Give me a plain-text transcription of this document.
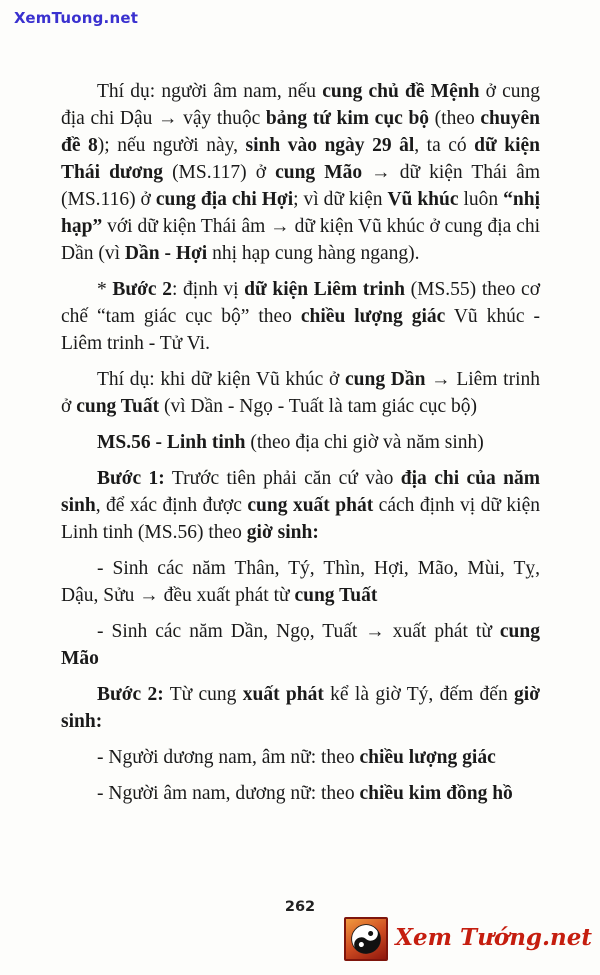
XemTuong.net

Thí dụ: người âm nam, nếu cung chủ đề Mệnh ở cung địa chi Dậu → vậy thuộc bảng tứ kim cục bộ (theo chuyên đề 8); nếu người này, sinh vào ngày 29 âl, ta có dữ kiện Thái dương (MS.117) ở cung Mão → dữ kiện Thái âm (MS.116) ở cung địa chi Hợi; vì dữ kiện Vũ khúc luôn “nhị hạp” với dữ kiện Thái âm → dữ kiện Vũ khúc ở cung địa chi Dần (vì Dần - Hợi nhị hạp cung hàng ngang).

* Bước 2: định vị dữ kiện Liêm trinh (MS.55) theo cơ chế “tam giác cục bộ” theo chiều lượng giác Vũ khúc - Liêm trinh - Tử Vi.

Thí dụ: khi dữ kiện Vũ khúc ở cung Dần → Liêm trinh ở cung Tuất (vì Dần - Ngọ - Tuất là tam giác cục bộ)

MS.56 - Linh tinh (theo địa chi giờ và năm sinh)

Bước 1: Trước tiên phải căn cứ vào địa chi của năm sinh, để xác định được cung xuất phát cách định vị dữ kiện Linh tinh (MS.56) theo giờ sinh:

- Sinh các năm Thân, Tý, Thìn, Hợi, Mão, Mùi, Tỵ, Dậu, Sửu → đều xuất phát từ cung Tuất

- Sinh các năm Dần, Ngọ, Tuất → xuất phát từ cung Mão

Bước 2: Từ cung xuất phát kể là giờ Tý, đếm đến giờ sinh:

- Người dương nam, âm nữ: theo chiều lượng giác

- Người âm nam, dương nữ: theo chiều kim đồng hồ

262
Xem Tướng.net
